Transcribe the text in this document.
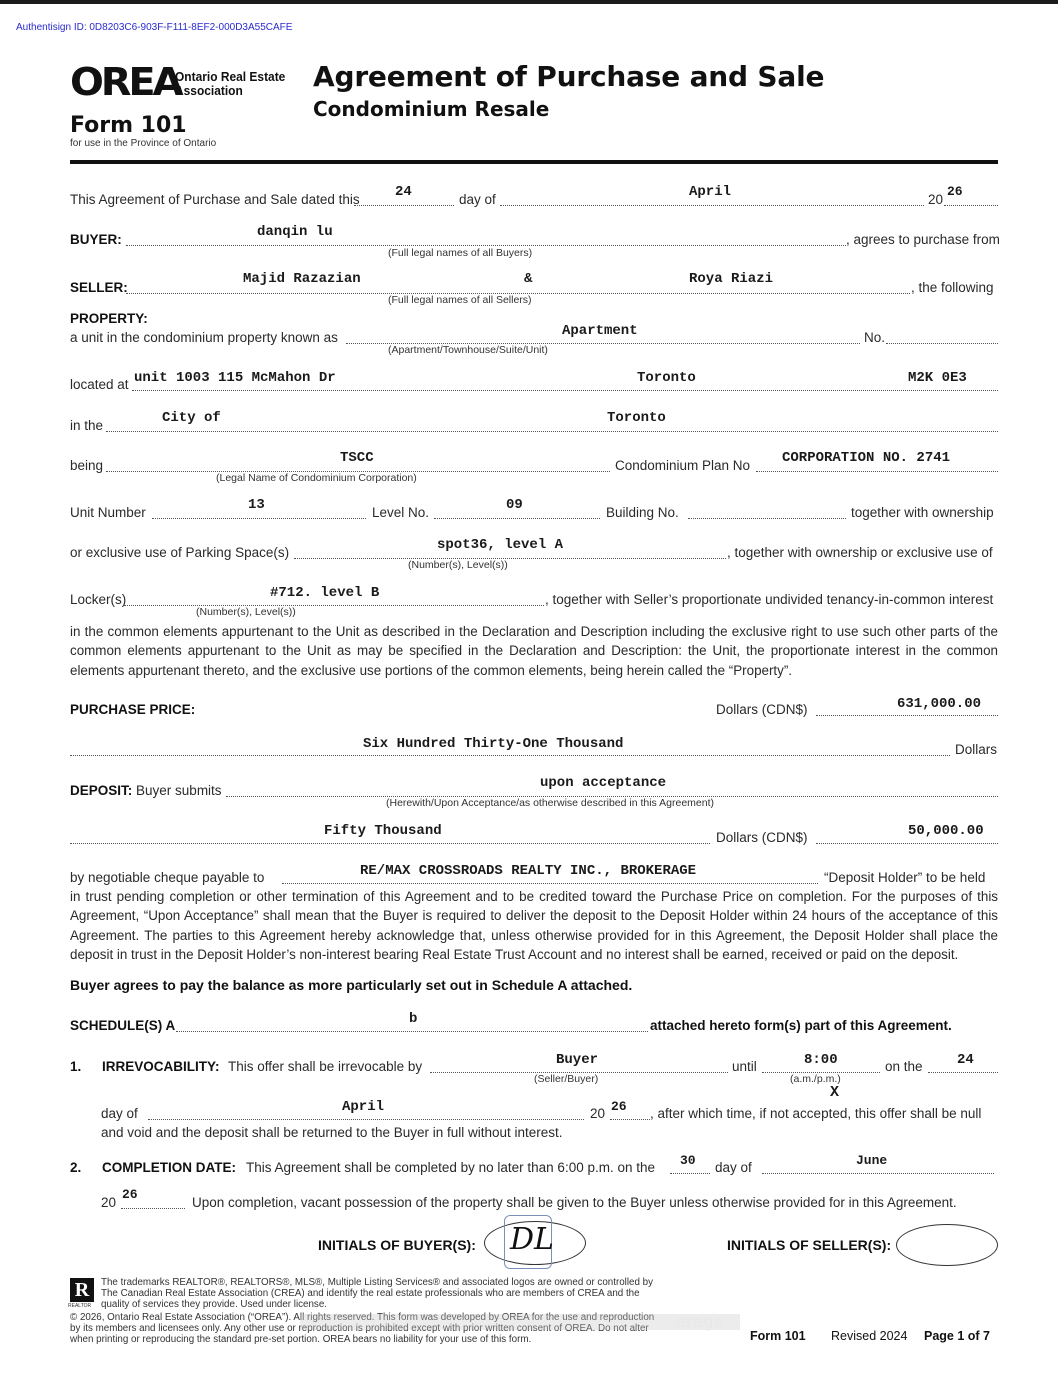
Authentisign ID: 0D8203C6-903F-F111-8EF2-000D3A55CAFE
OREA
Ontario Real Estate
Association
Form 101
for use in the Province of Ontario
Agreement of Purchase and Sale
Condominium Resale
This Agreement of Purchase and Sale dated this	24	day of	April	20
26
BUYER:	danqin lu
(Full legal names of all Buyers)
, agrees to purchase from
SELLER:
Majid Razazian	&	Roya Riazi
(Full legal names of all Sellers)
, the following
PROPERTY:
a unit in the condominium property known as	Apartment
(Apartment/Townhouse/Suite/Unit)
No.
located at unit 1003 115 McMahon Dr	Toronto	M2K 0E3
in the	City of	Toronto
being	TSCC
(Legal Name of Condominium Corporation)
Condominium Plan No CORPORATION NO. 2741
Unit Number	13	Level No.	09	Building No.	together with ownership
or exclusive use of Parking Space(s)	spot36, level A
(Number(s), Level(s))
, together with ownership or exclusive use of
Locker(s)	#712. level B
(Number(s), Level(s))
, together with Seller’s proportionate undivided tenancy-in-common interest
in the common elements appurtenant to the Unit as described in the Declaration and Description including the exclusive right to use such other parts of the common elements appurtenant to the Unit as may be specified in the Declaration and Description: the Unit, the proportionate interest in the common elements appurtenant thereto, and the exclusive use portions of the common elements, being herein called the “Property”.
PURCHASE PRICE:	Dollars (CDN$)	631,000.00
Six Hundred Thirty-One Thousand	Dollars
DEPOSIT: Buyer submits	upon acceptance
(Herewith/Upon Acceptance/as otherwise described in this Agreement)
Fifty Thousand	Dollars (CDN$)	50,000.00
by negotiable cheque payable to	RE/MAX CROSSROADS REALTY INC., BROKERAGE	“Deposit Holder” to be held
in trust pending completion or other termination of this Agreement and to be credited toward the Purchase Price on completion. For the purposes of this Agreement, “Upon Acceptance” shall mean that the Buyer is required to deliver the deposit to the Deposit Holder within 24 hours of the acceptance of this Agreement. The parties to this Agreement hereby acknowledge that, unless otherwise provided for in this Agreement, the Deposit Holder shall place the deposit in trust in the Deposit Holder’s non-interest bearing Real Estate Trust Account and no interest shall be earned, received or paid on the deposit.
Buyer agrees to pay the balance as more particularly set out in Schedule A attached.
SCHEDULE(S) A	b	attached hereto form(s) part of this Agreement.
1. IRREVOCABILITY: This offer shall be irrevocable by	Buyer
(Seller/Buyer)
until	8:00
(a.m./p.m.)
X
on the 24
day of	April	20 26 , after which time, if not accepted, this offer shall be null
and void and the deposit shall be returned to the Buyer in full without interest.
2. COMPLETION DATE: This Agreement shall be completed by no later than 6:00 p.m. on the 30 day of	June
20
26
Upon completion, vacant possession of the property shall be given to the Buyer unless otherwise provided for in this Agreement.
INITIALS OF BUYER(S): DL	INITIALS OF SELLER(S):
R
REALTOR
The trademarks REALTOR®, REALTORS®, MLS®, Multiple Listing Services® and associated logos are owned or controlled by
The Canadian Real Estate Association (CREA) and identify the real estate professionals who are members of CREA and the
quality of services they provide. Used under license.
© 2026, Ontario Real Estate Association (“OREA”). All rights reserved. This form was developed by OREA for the use and reproduction
by its members and licensees only. Any other use or reproduction is prohibited except with prior written consent of OREA. Do not alter
when printing or reproducing the standard pre-set portion. OREA bears no liability for your use of this form.
erage
Form 101 Revised 2024 Page 1 of 7
